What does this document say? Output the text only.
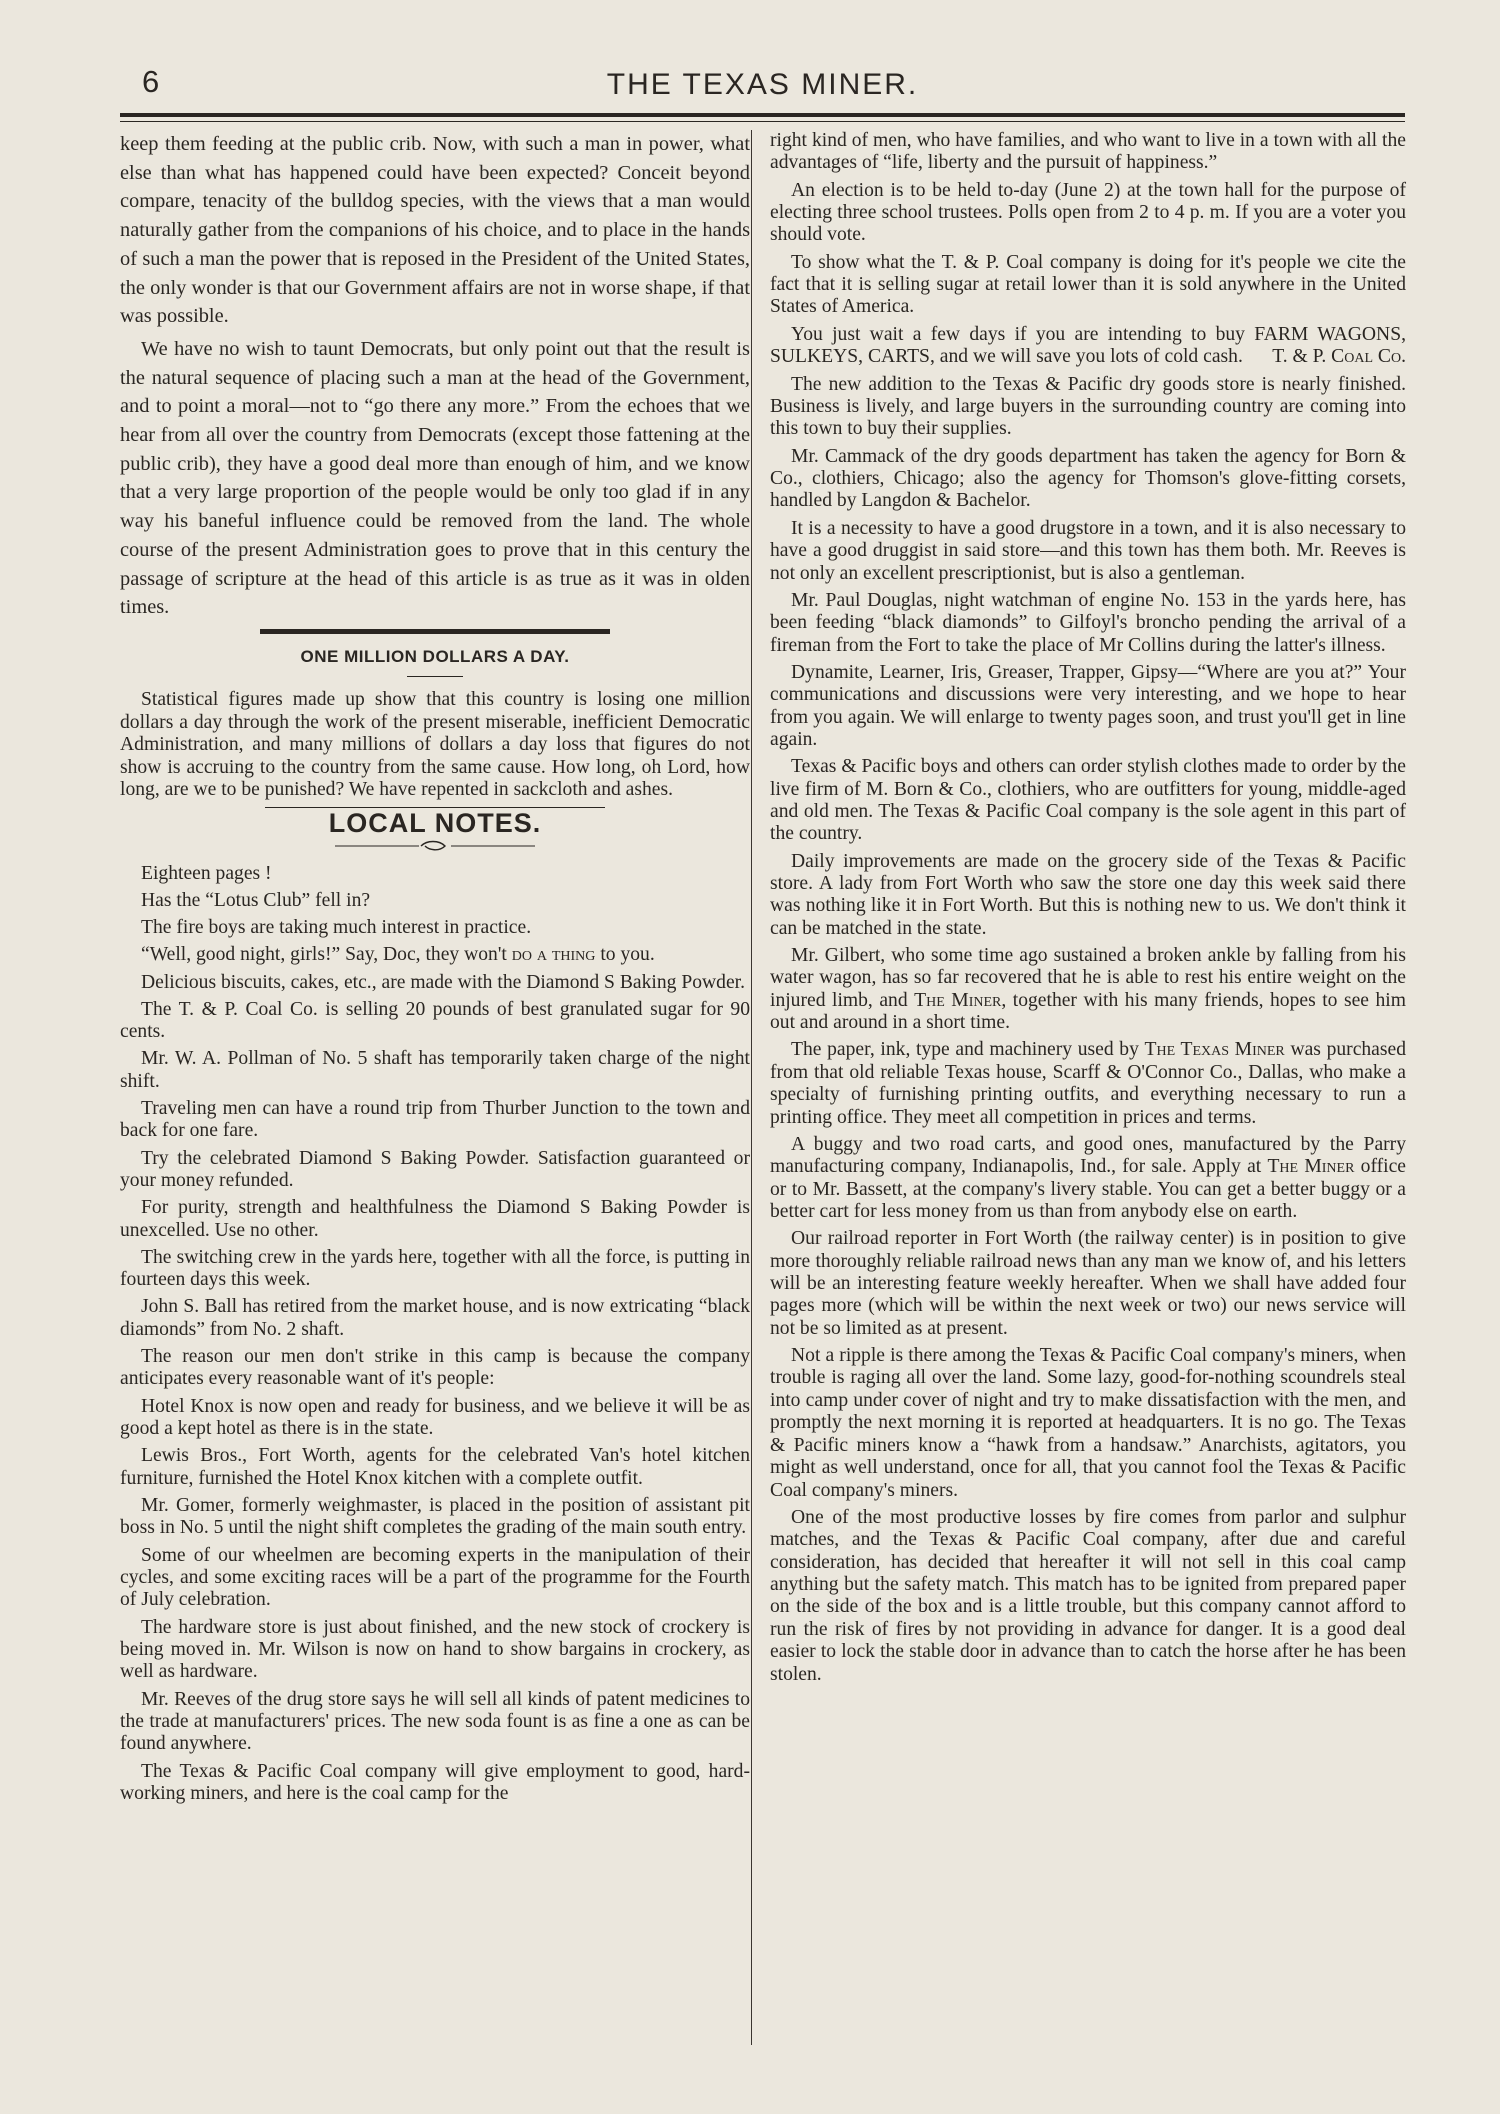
6	THE TEXAS MINER.

keep them feeding at the public crib. Now, with such a man in power, what else than what has happened could have been expected? Conceit beyond compare, tenacity of the bulldog species, with the views that a man would naturally gather from the companions of his choice, and to place in the hands of such a man the power that is reposed in the President of the United States, the only wonder is that our Government affairs are not in worse shape, if that was possible.

We have no wish to taunt Democrats, but only point out that the result is the natural sequence of placing such a man at the head of the Government, and to point a moral—not to “go there any more.” From the echoes that we hear from all over the country from Democrats (except those fattening at the public crib), they have a good deal more than enough of him, and we know that a very large proportion of the people would be only too glad if in any way his baneful influence could be removed from the land. The whole course of the present Administration goes to prove that in this century the passage of scripture at the head of this article is as true as it was in olden times.

ONE MILLION DOLLARS A DAY.

Statistical figures made up show that this country is losing one million dollars a day through the work of the present miserable, inefficient Democratic Administration, and many millions of dollars a day loss that figures do not show is accruing to the country from the same cause. How long, oh Lord, how long, are we to be punished? We have repented in sackcloth and ashes.

LOCAL NOTES.

Eighteen pages !

Has the “Lotus Club” fell in?

The fire boys are taking much interest in practice.

“Well, good night, girls!” Say, Doc, they won't do a thing to you.

Delicious biscuits, cakes, etc., are made with the Diamond S Baking Powder.

The T. & P. Coal Co. is selling 20 pounds of best granulated sugar for 90 cents.

Mr. W. A. Pollman of No. 5 shaft has temporarily taken charge of the night shift.

Traveling men can have a round trip from Thurber Junction to the town and back for one fare.

Try the celebrated Diamond S Baking Powder. Satisfaction guaranteed or your money refunded.

For purity, strength and healthfulness the Diamond S Baking Powder is unexcelled. Use no other.

The switching crew in the yards here, together with all the force, is putting in fourteen days this week.

John S. Ball has retired from the market house, and is now extricating “black diamonds” from No. 2 shaft.

The reason our men don't strike in this camp is because the company anticipates every reasonable want of it's people:

Hotel Knox is now open and ready for business, and we believe it will be as good a kept hotel as there is in the state.

Lewis Bros., Fort Worth, agents for the celebrated Van's hotel kitchen furniture, furnished the Hotel Knox kitchen with a complete outfit.

Mr. Gomer, formerly weighmaster, is placed in the position of assistant pit boss in No. 5 until the night shift completes the grading of the main south entry.

Some of our wheelmen are becoming experts in the manipulation of their cycles, and some exciting races will be a part of the programme for the Fourth of July celebration.

The hardware store is just about finished, and the new stock of crockery is being moved in. Mr. Wilson is now on hand to show bargains in crockery, as well as hardware.

Mr. Reeves of the drug store says he will sell all kinds of patent medicines to the trade at manufacturers' prices. The new soda fount is as fine a one as can be found anywhere.

The Texas & Pacific Coal company will give employment to good, hard-working miners, and here is the coal camp for the

right kind of men, who have families, and who want to live in a town with all the advantages of “life, liberty and the pursuit of happiness.”

An election is to be held to-day (June 2) at the town hall for the purpose of electing three school trustees. Polls open from 2 to 4 p. m. If you are a voter you should vote.

To show what the T. & P. Coal company is doing for it's people we cite the fact that it is selling sugar at retail lower than it is sold anywhere in the United States of America.

You just wait a few days if you are intending to buy FARM WAGONS, SULKEYS, CARTS, and we will save you lots of cold cash.	T. & P. Coal Co.

The new addition to the Texas & Pacific dry goods store is nearly finished. Business is lively, and large buyers in the surrounding country are coming into this town to buy their supplies.

Mr. Cammack of the dry goods department has taken the agency for Born & Co., clothiers, Chicago; also the agency for Thomson's glove-fitting corsets, handled by Langdon & Bachelor.

It is a necessity to have a good drugstore in a town, and it is also necessary to have a good druggist in said store—and this town has them both. Mr. Reeves is not only an excellent prescriptionist, but is also a gentleman.

Mr. Paul Douglas, night watchman of engine No. 153 in the yards here, has been feeding “black diamonds” to Gilfoyl's broncho pending the arrival of a fireman from the Fort to take the place of Mr Collins during the latter's illness.

Dynamite, Learner, Iris, Greaser, Trapper, Gipsy—“Where are you at?” Your communications and discussions were very interesting, and we hope to hear from you again. We will enlarge to twenty pages soon, and trust you'll get in line again.

Texas & Pacific boys and others can order stylish clothes made to order by the live firm of M. Born & Co., clothiers, who are outfitters for young, middle-aged and old men. The Texas & Pacific Coal company is the sole agent in this part of the country.

Daily improvements are made on the grocery side of the Texas & Pacific store. A lady from Fort Worth who saw the store one day this week said there was nothing like it in Fort Worth. But this is nothing new to us. We don't think it can be matched in the state.

Mr. Gilbert, who some time ago sustained a broken ankle by falling from his water wagon, has so far recovered that he is able to rest his entire weight on the injured limb, and The Miner, together with his many friends, hopes to see him out and around in a short time.

The paper, ink, type and machinery used by The Texas Miner was purchased from that old reliable Texas house, Scarff & O'Connor Co., Dallas, who make a specialty of furnishing printing outfits, and everything necessary to run a printing office. They meet all competition in prices and terms.

A buggy and two road carts, and good ones, manufactured by the Parry manufacturing company, Indianapolis, Ind., for sale. Apply at The Miner office or to Mr. Bassett, at the company's livery stable. You can get a better buggy or a better cart for less money from us than from anybody else on earth.

Our railroad reporter in Fort Worth (the railway center) is in position to give more thoroughly reliable railroad news than any man we know of, and his letters will be an interesting feature weekly hereafter. When we shall have added four pages more (which will be within the next week or two) our news service will not be so limited as at present.

Not a ripple is there among the Texas & Pacific Coal company's miners, when trouble is raging all over the land. Some lazy, good-for-nothing scoundrels steal into camp under cover of night and try to make dissatisfaction with the men, and promptly the next morning it is reported at headquarters. It is no go. The Texas & Pacific miners know a “hawk from a handsaw.” Anarchists, agitators, you might as well understand, once for all, that you cannot fool the Texas & Pacific Coal company's miners.

One of the most productive losses by fire comes from parlor and sulphur matches, and the Texas & Pacific Coal company, after due and careful consideration, has decided that hereafter it will not sell in this coal camp anything but the safety match. This match has to be ignited from prepared paper on the side of the box and is a little trouble, but this company cannot afford to run the risk of fires by not providing in advance for danger. It is a good deal easier to lock the stable door in advance than to catch the horse after he has been stolen.
